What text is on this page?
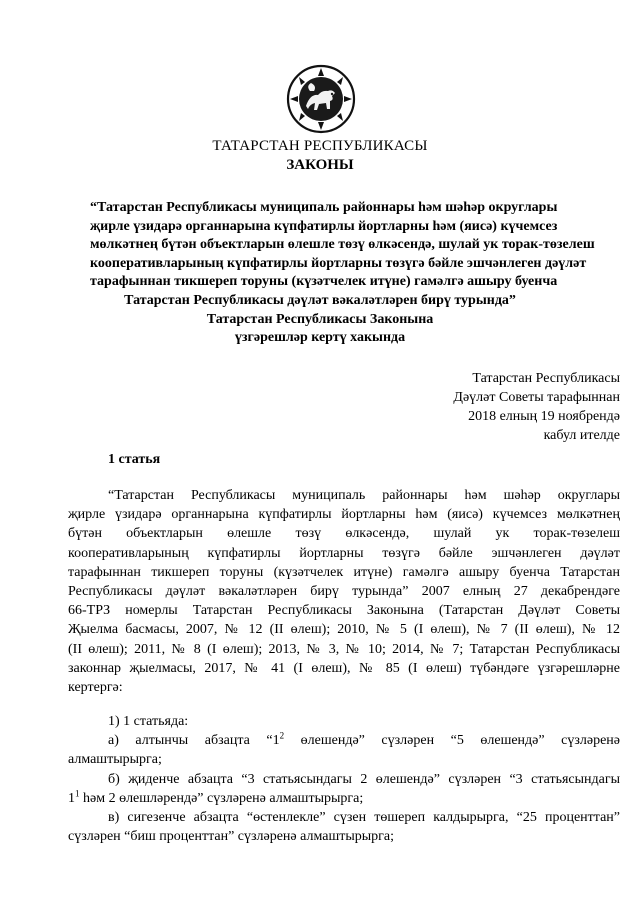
ТАТАРСТАН РЕСПУБЛИКАСЫ
ЗАКОНЫ
“Татарстан Республикасы муниципаль районнары һәм шәһәр округлары
җирле үзидарә органнарына күпфатирлы йортларны һәм (яисә) күчемсез
мөлкәтнең бүтән объектларын өлешле төзү өлкәсендә, шулай ук торак-төзелеш
кооперативларының күпфатирлы йортларны төзүгә бәйле эшчәнлеген дәүләт
тарафыннан тикшереп торуны (күзәтчелек итүне) гамәлгә ашыру буенча
Татарстан Республикасы дәүләт вәкаләтләрен бирү турында”
Татарстан Республикасы Законына
үзгәрешләр кертү хакында
Татарстан Республикасы
Дәүләт Советы тарафыннан
2018 елның 19 ноябрендә
кабул ителде
1 статья
“Татарстан Республикасы муниципаль районнары һәм шәһәр округлары
җирле үзидарә органнарына күпфатирлы йортларны һәм (яисә) күчемсез мөлкәтнең
бүтән объектларын өлешле төзү өлкәсендә, шулай ук торак-төзелеш
кооперативларының күпфатирлы йортларны төзүгә бәйле эшчәнлеген дәүләт
тарафыннан тикшереп торуны (күзәтчелек итүне) гамәлгә ашыру буенча Татарстан
Республикасы дәүләт вәкаләтләрен бирү турында” 2007 елның 27 декабрендәге
66-ТРЗ номерлы Татарстан Республикасы Законына (Татарстан Дәүләт Советы
Җыелма басмасы, 2007, № 12 (II өлеш); 2010, № 5 (I өлеш), № 7 (II өлеш), № 12
(II өлеш); 2011, № 8 (I өлеш); 2013, № 3, № 10; 2014, № 7; Татарстан Республикасы
законнар җыелмасы, 2017, № 41 (I өлеш), № 85 (I өлеш) түбәндәге үзгәрешләрне
кертергә:
1) 1 статьяда:
а) алтынчы абзацта “$1^2$ өлешендә” сүзләрен “5 өлешендә” сүзләренә
алмаштырырга;
б) җиденче абзацта “3 статьясындагы 2 өлешендә” сүзләрен “3 статьясындагы
$1^1$ һәм 2 өлешләрендә” сүзләренә алмаштырырга;
в) сигезенче абзацта “өстенлекле” сүзен төшереп калдырырга, “25 проценттан”
сүзләрен “биш проценттан” сүзләренә алмаштырырга;
